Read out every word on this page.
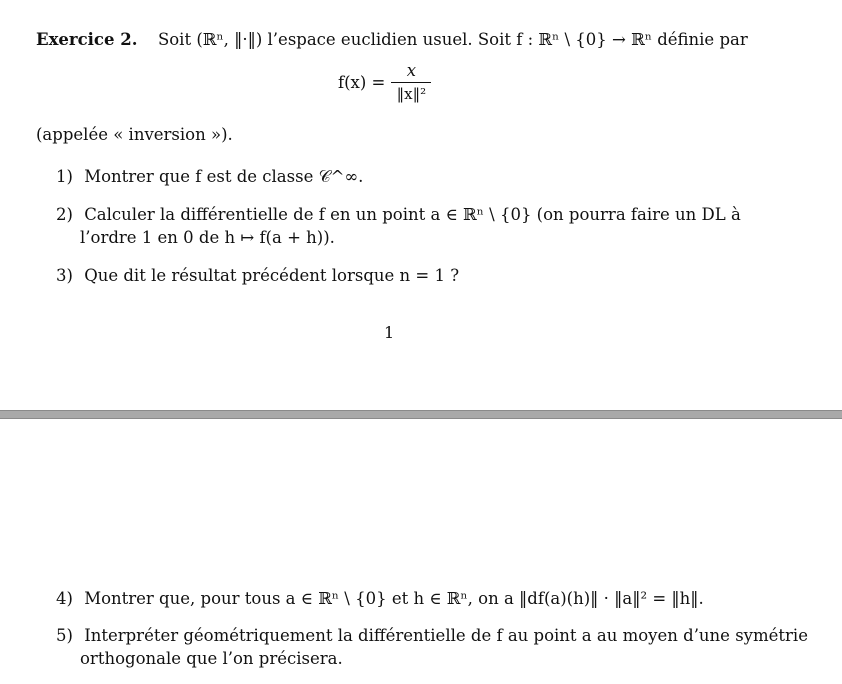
Exercice 2. Soit (ℝⁿ, ‖·‖) l’espace euclidien usuel. Soit f : ℝⁿ \ {0} → ℝⁿ définie par
$f(x) = \frac{x}{\text{‖x‖²}}$
(appelée « inversion »).
1) Montrer que f est de classe 𝒞^∞.
2) Calculer la différentielle de f en un point a ∈ ℝⁿ \ {0} (on pourra faire un DL à
l’ordre 1 en 0 de h ↦ f(a + h)).
3) Que dit le résultat précédent lorsque n = 1 ?
1
4) Montrer que, pour tous a ∈ ℝⁿ \ {0} et h ∈ ℝⁿ, on a ‖df(a)(h)‖ · ‖a‖² = ‖h‖.
5) Interpréter géométriquement la différentielle de f au point a au moyen d’une symétrie
orthogonale que l’on précisera.
